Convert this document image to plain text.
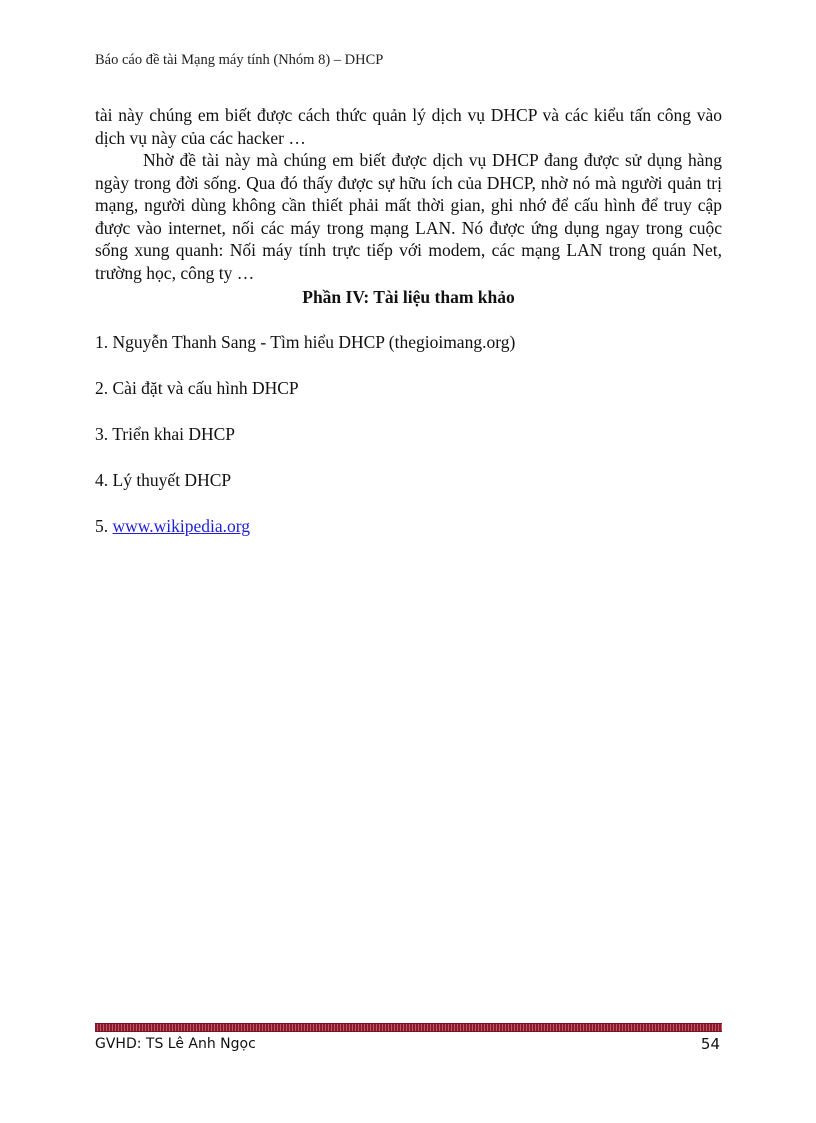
Báo cáo đề tài Mạng máy tính (Nhóm 8) – DHCP

tài này chúng em biết được cách thức quản lý dịch vụ DHCP và các kiểu tấn công vào dịch vụ này của các hacker …

Nhờ đề tài này mà chúng em biết được dịch vụ DHCP đang được sử dụng hàng ngày trong đời sống. Qua đó thấy được sự hữu ích của DHCP, nhờ nó mà người quản trị mạng, người dùng không cần thiết phải mất thời gian, ghi nhớ để cấu hình để truy cập được vào internet, nối các máy trong mạng LAN. Nó được ứng dụng ngay trong cuộc sống xung quanh: Nối máy tính trực tiếp với modem, các mạng LAN trong quán Net, trường học, công ty …

Phần IV: Tài liệu tham khảo
1. Nguyễn Thanh Sang - Tìm hiểu DHCP (thegioimang.org)
2. Cài đặt và cấu hình DHCP
3. Triển khai DHCP
4. Lý thuyết DHCP
5. www.wikipedia.org
GVHD: TS Lê Anh Ngọc	54
